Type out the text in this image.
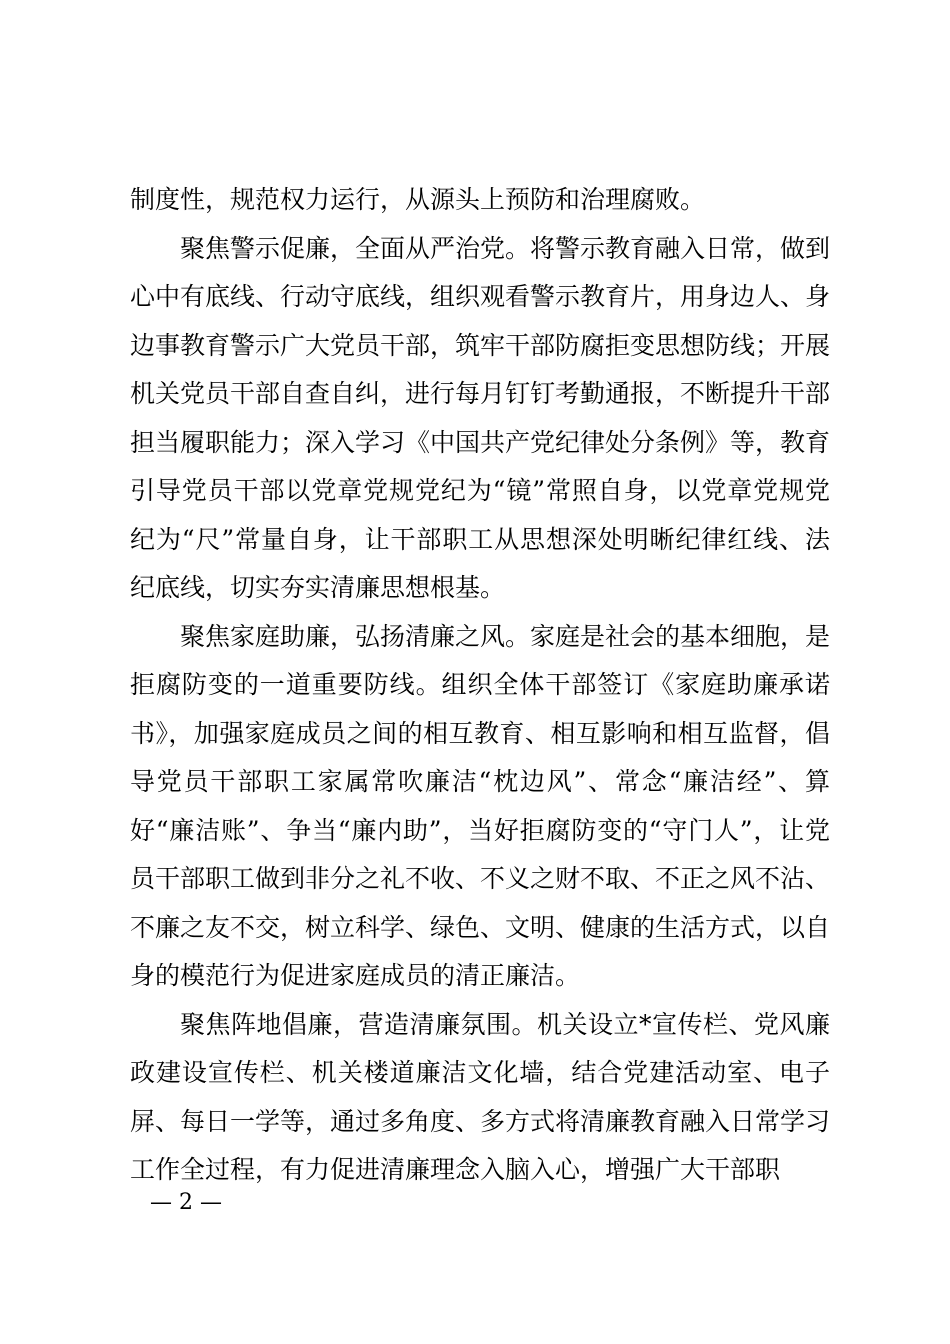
制度性，规范权力运行，从源头上预防和治理腐败。

聚焦警示促廉，全面从严治党。将警示教育融入日常，做到心中有底线、行动守底线，组织观看警示教育片，用身边人、身边事教育警示广大党员干部，筑牢干部防腐拒变思想防线；开展机关党员干部自查自纠，进行每月钉钉考勤通报，不断提升干部担当履职能力；深入学习《中国共产党纪律处分条例》等，教育引导党员干部以党章党规党纪为“镜”常照自身，以党章党规党纪为“尺”常量自身，让干部职工从思想深处明晰纪律红线、法纪底线，切实夯实清廉思想根基。

聚焦家庭助廉，弘扬清廉之风。家庭是社会的基本细胞，是拒腐防变的一道重要防线。组织全体干部签订《家庭助廉承诺书》，加强家庭成员之间的相互教育、相互影响和相互监督，倡导党员干部职工家属常吹廉洁“枕边风”、常念“廉洁经”、算好“廉洁账”、争当“廉内助”，当好拒腐防变的“守门人”，让党员干部职工做到非分之礼不收、不义之财不取、不正之风不沾、不廉之友不交，树立科学、绿色、文明、健康的生活方式，以自身的模范行为促进家庭成员的清正廉洁。

聚焦阵地倡廉，营造清廉氛围。机关设立*宣传栏、党风廉政建设宣传栏、机关楼道廉洁文化墙，结合党建活动室、电子屏、每日一学等，通过多角度、多方式将清廉教育融入日常学习工作全过程，有力促进清廉理念入脑入心，增强广大干部职

— 2 —
